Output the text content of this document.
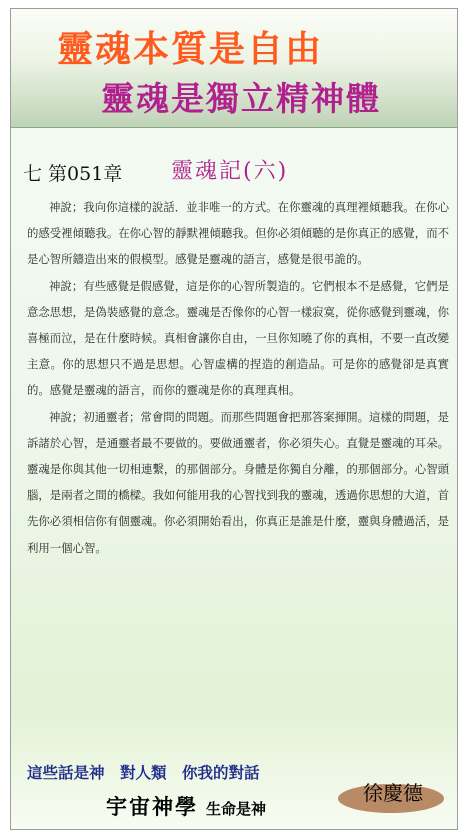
靈魂本質是自由
靈魂是獨立精神體
七 第051章 靈魂記(六)

神說；我向你這樣的說話．並非唯一的方式。在你靈魂的真理裡傾聽我。在你心的感受裡傾聽我。在你心智的靜默裡傾聽我。但你必須傾聽的是你真正的感覺，而不是心智所鑄造出來的假模型。感覺是靈魂的語言，感覺是很弔詭的。

神說；有些感覺是假感覺，這是你的心智所製造的。它們根本不是感覺，它們是意念思想，是偽裝感覺的意念。靈魂是否像你的心智一樣寂寞，從你感覺到靈魂，你喜極而泣，是在什麼時候。真相會讓你自由，一旦你知曉了你的真相，不要一直改變主意。你的思想只不過是思想。心智虛構的捏造的創造品。可是你的感覺卻是真實的。感覺是靈魂的語言，而你的靈魂是你的真理真相。

神說；初通靈者；常會問的問題。而那些問題會把那答案揮開。這樣的問題，是訴諸於心智，是通靈者最不要做的。要做通靈者，你必須失心。直覺是靈魂的耳朵。靈魂是你與其他一切相連繫，的那個部分。身體是你獨自分離，的那個部分。心智頭腦，是兩者之間的橋樑。我如何能用我的心智找到我的靈魂，透過你思想的大道，首先你必須相信你有個靈魂。你必須開始看出，你真正是誰是什麼，靈與身體過活，是利用一個心智。

這些話是神　對人類　你我的對話
宇宙神學 生命是神
徐慶德
